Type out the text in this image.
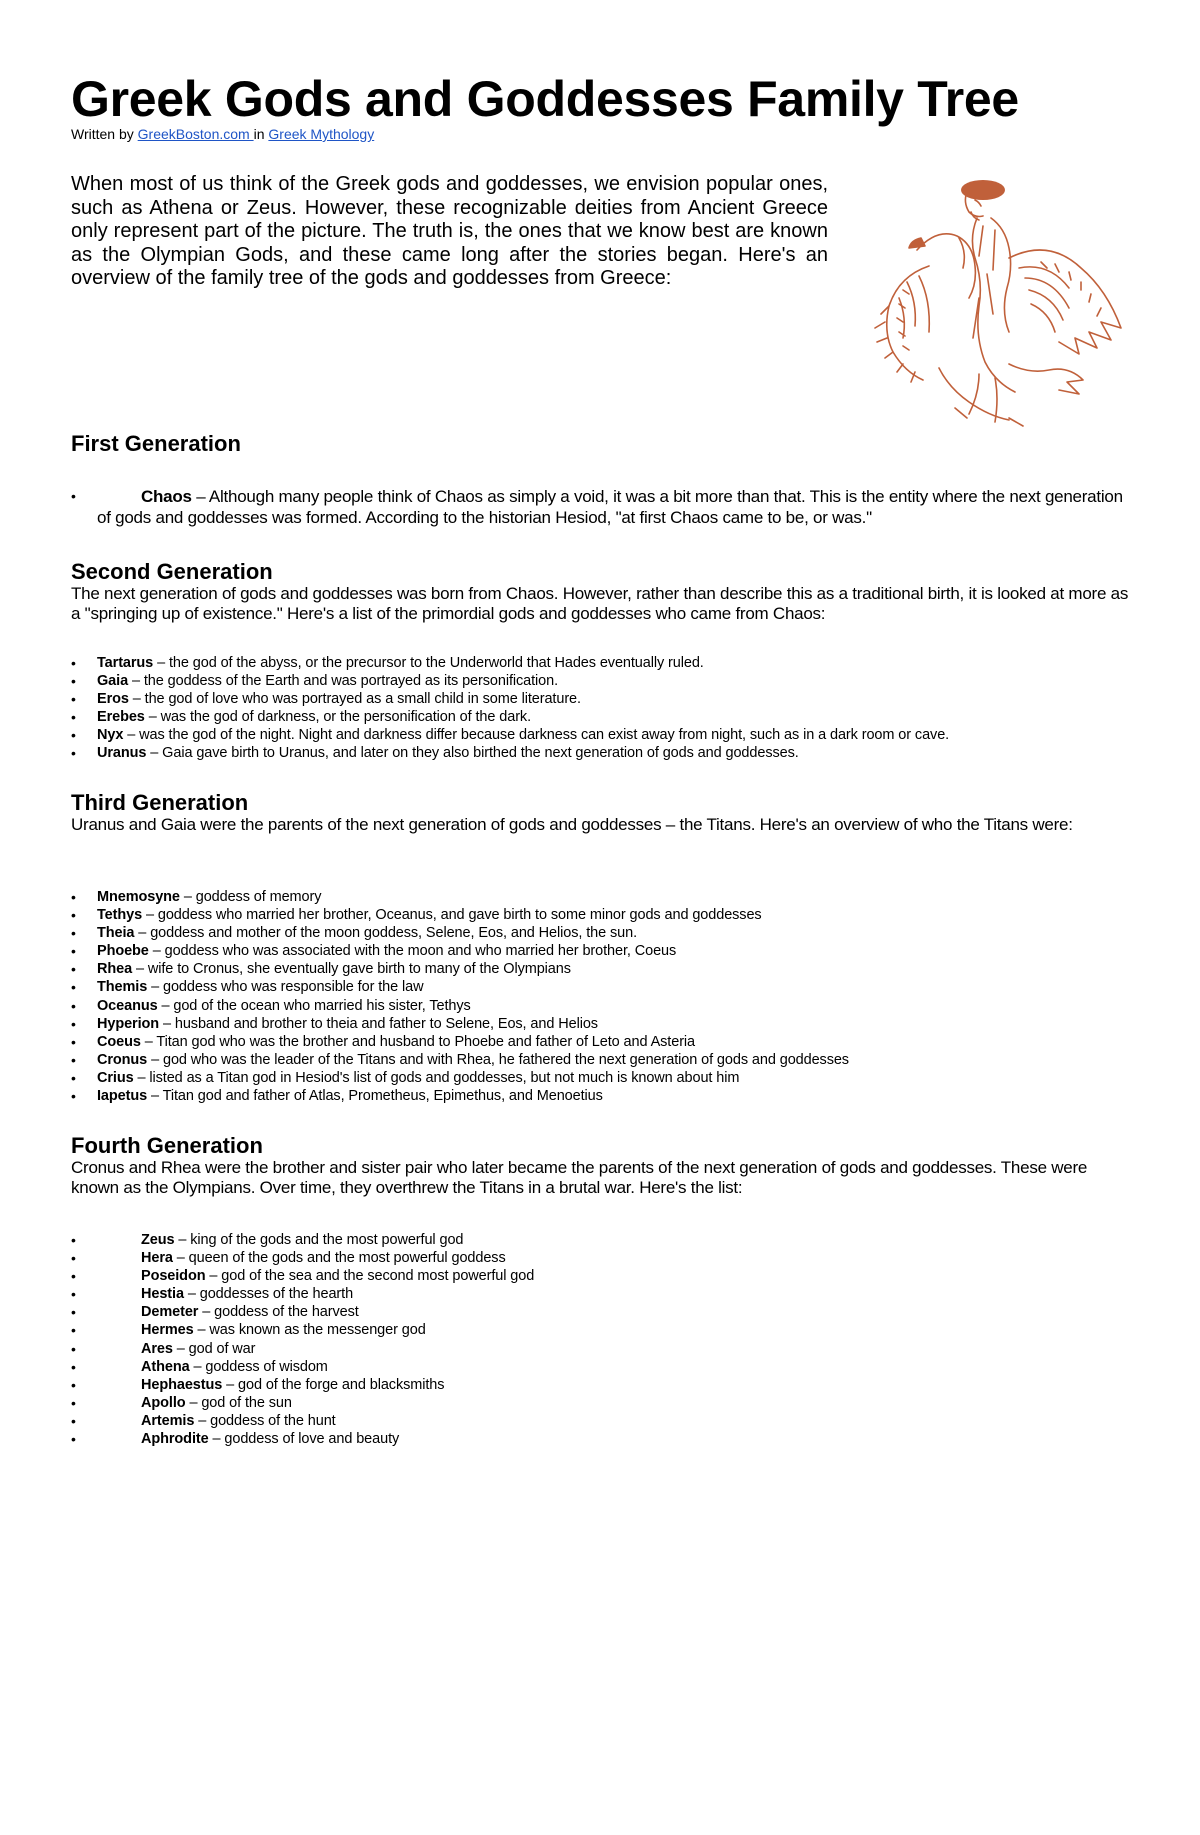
Greek Gods and Goddesses Family Tree
Written by GreekBoston.com in Greek Mythology

When most of us think of the Greek gods and goddesses, we envision popular ones, such as Athena or Zeus. However, these recognizable deities from Ancient Greece only represent part of the picture. The truth is, the ones that we know best are known as the Olympian Gods, and these came long after the stories began. Here's an overview of the family tree of the gods and goddesses from Greece:

First Generation
•	Chaos – Although many people think of Chaos as simply a void, it was a bit more than that. This is the entity where the next generation of gods and goddesses was formed. According to the historian Hesiod, "at first Chaos came to be, or was."
Second Generation
The next generation of gods and goddesses was born from Chaos. However, rather than describe this as a traditional birth, it is looked at more as a "springing up of existence." Here's a list of the primordial gods and goddesses who came from Chaos:
• Tartarus – the god of the abyss, or the precursor to the Underworld that Hades eventually ruled.
• Gaia – the goddess of the Earth and was portrayed as its personification.
• Eros – the god of love who was portrayed as a small child in some literature.
• Erebes – was the god of darkness, or the personification of the dark.
• Nyx – was the god of the night. Night and darkness differ because darkness can exist away from night, such as in a dark room or cave.
• Uranus – Gaia gave birth to Uranus, and later on they also birthed the next generation of gods and goddesses.
Third Generation
Uranus and Gaia were the parents of the next generation of gods and goddesses – the Titans. Here's an overview of who the Titans were:
• Mnemosyne – goddess of memory
• Tethys – goddess who married her brother, Oceanus, and gave birth to some minor gods and goddesses
• Theia – goddess and mother of the moon goddess, Selene, Eos, and Helios, the sun.
• Phoebe – goddess who was associated with the moon and who married her brother, Coeus
• Rhea – wife to Cronus, she eventually gave birth to many of the Olympians
• Themis – goddess who was responsible for the law
• Oceanus – god of the ocean who married his sister, Tethys
• Hyperion – husband and brother to theia and father to Selene, Eos, and Helios
• Coeus – Titan god who was the brother and husband to Phoebe and father of Leto and Asteria
• Cronus – god who was the leader of the Titans and with Rhea, he fathered the next generation of gods and goddesses
• Crius – listed as a Titan god in Hesiod's list of gods and goddesses, but not much is known about him
• Iapetus – Titan god and father of Atlas, Prometheus, Epimethus, and Menoetius
Fourth Generation
Cronus and Rhea were the brother and sister pair who later became the parents of the next generation of gods and goddesses. These were known as the Olympians. Over time, they overthrew the Titans in a brutal war. Here's the list:
•	Zeus – king of the gods and the most powerful god
•	Hera – queen of the gods and the most powerful goddess
•	Poseidon – god of the sea and the second most powerful god
•	Hestia – goddesses of the hearth
•	Demeter – goddess of the harvest
•	Hermes – was known as the messenger god
•	Ares – god of war
•	Athena – goddess of wisdom
•	Hephaestus – god of the forge and blacksmiths
•	Apollo – god of the sun
•	Artemis – goddess of the hunt
•	Aphrodite – goddess of love and beauty
